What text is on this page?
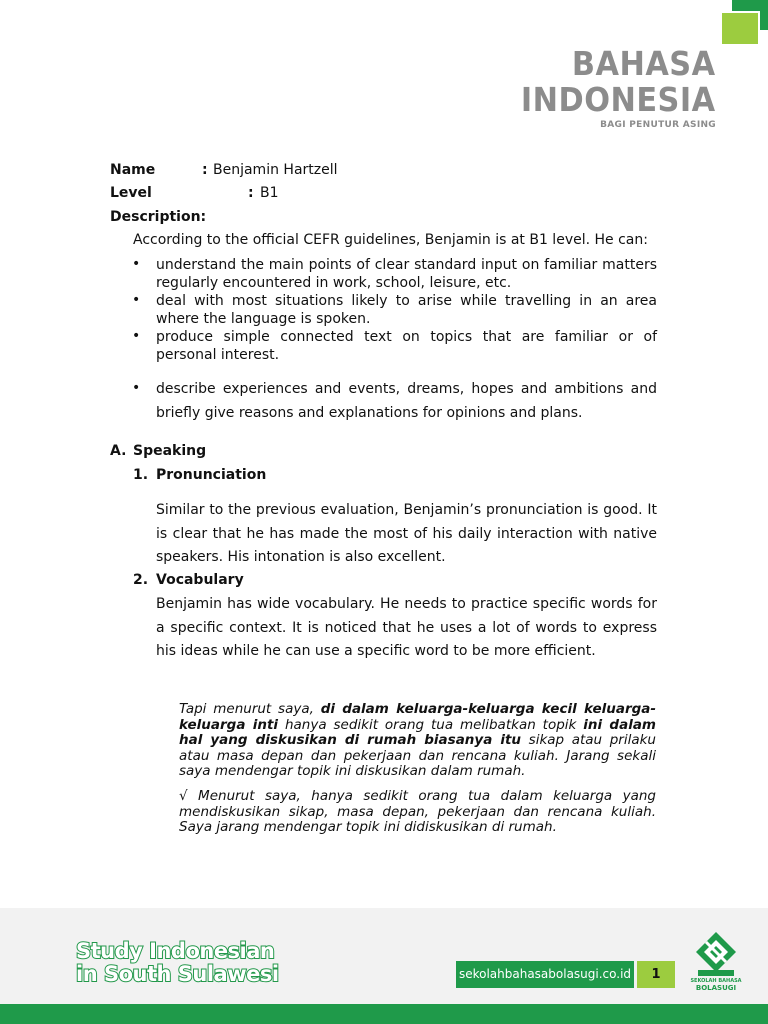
BAHASA
INDONESIA
BAGI PENUTUR ASING
Name	: Benjamin Hartzell
Level	: B1
Description:
According to the official CEFR guidelines, Benjamin is at B1 level. He can:
• understand the main points of clear standard input on familiar matters regularly encountered in work, school, leisure, etc.
• deal with most situations likely to arise while travelling in an area where the language is spoken.
• produce simple connected text on topics that are familiar or of personal interest.
• describe experiences and events, dreams, hopes and ambitions and briefly give reasons and explanations for opinions and plans.
A. Speaking
1. Pronunciation
Similar to the previous evaluation, Benjamin’s pronunciation is good. It is clear that he has made the most of his daily interaction with native speakers. His intonation is also excellent.
2. Vocabulary
Benjamin has wide vocabulary. He needs to practice specific words for a specific context. It is noticed that he uses a lot of words to express his ideas while he can use a specific word to be more efficient.
Tapi menurut saya, di dalam keluarga-keluarga kecil keluarga-keluarga inti hanya sedikit orang tua melibatkan topik ini dalam hal yang diskusikan di rumah biasanya itu sikap atau prilaku atau masa depan dan pekerjaan dan rencana kuliah. Jarang sekali saya mendengar topik ini diskusikan dalam rumah.
√ Menurut saya, hanya sedikit orang tua dalam keluarga yang mendiskusikan sikap, masa depan, pekerjaan dan rencana kuliah. Saya jarang mendengar topik ini didiskusikan di rumah.
Study Indonesian
in South Sulawesi	sekolahbahasabolasugi.co.id	1	SEKOLAH BAHASA
BOLASUGI
